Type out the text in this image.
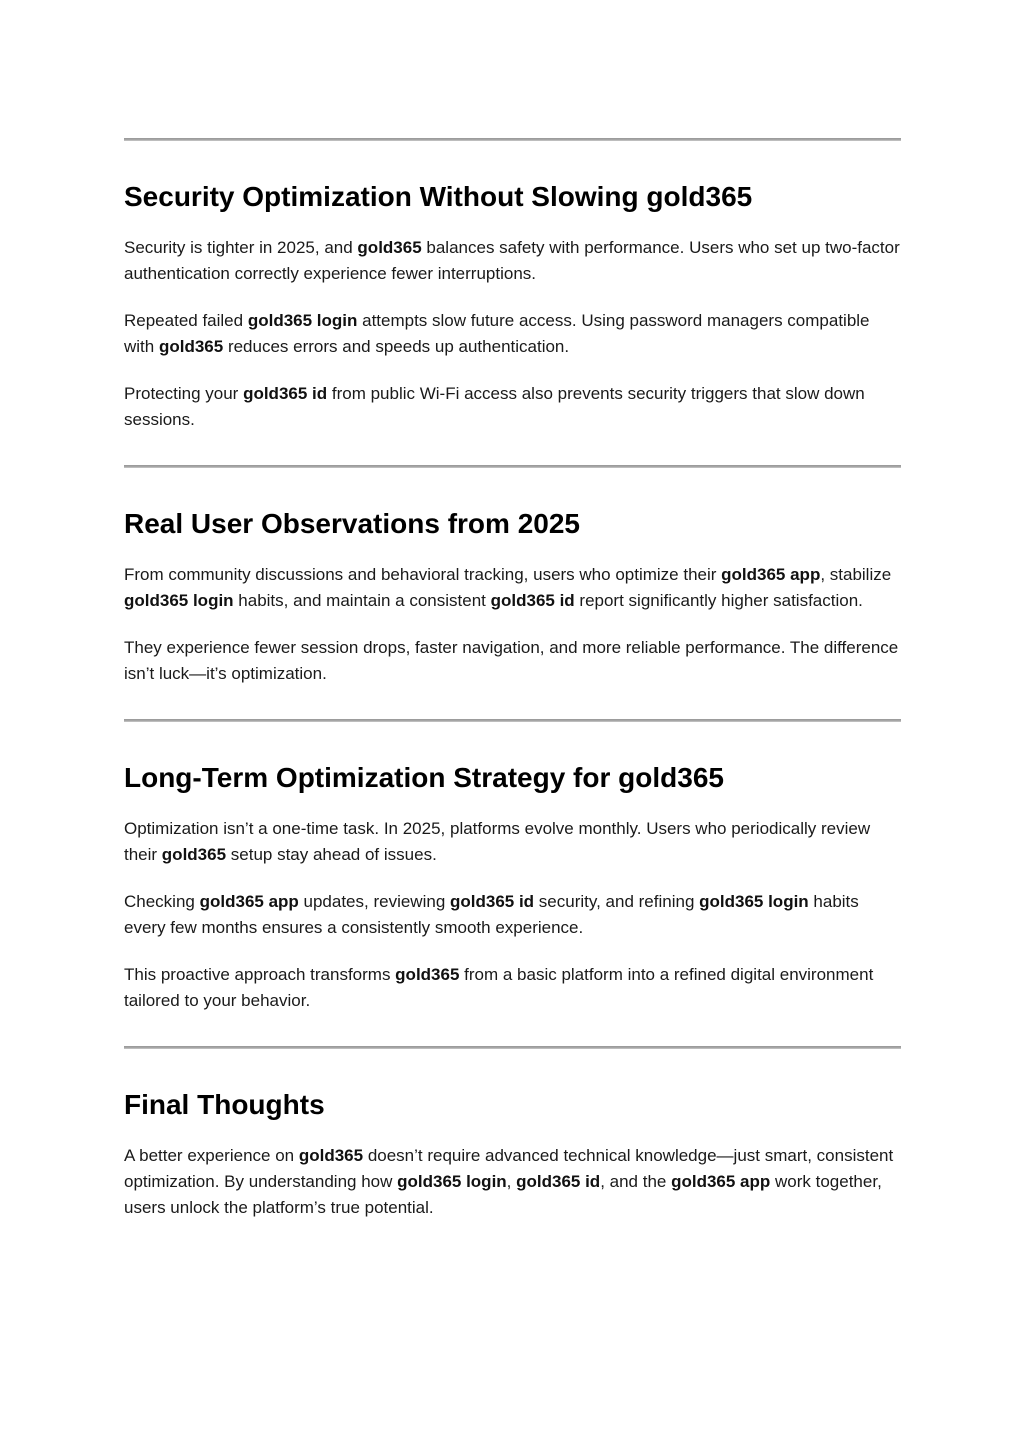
Security Optimization Without Slowing gold365

Security is tighter in 2025, and gold365 balances safety with performance. Users who set up two-factor authentication correctly experience fewer interruptions.

Repeated failed gold365 login attempts slow future access. Using password managers compatible with gold365 reduces errors and speeds up authentication.

Protecting your gold365 id from public Wi-Fi access also prevents security triggers that slow down sessions.

Real User Observations from 2025

From community discussions and behavioral tracking, users who optimize their gold365 app, stabilize gold365 login habits, and maintain a consistent gold365 id report significantly higher satisfaction.

They experience fewer session drops, faster navigation, and more reliable performance. The difference isn’t luck—it’s optimization.

Long-Term Optimization Strategy for gold365

Optimization isn’t a one-time task. In 2025, platforms evolve monthly. Users who periodically review their gold365 setup stay ahead of issues.

Checking gold365 app updates, reviewing gold365 id security, and refining gold365 login habits every few months ensures a consistently smooth experience.

This proactive approach transforms gold365 from a basic platform into a refined digital environment tailored to your behavior.

Final Thoughts

A better experience on gold365 doesn’t require advanced technical knowledge—just smart, consistent optimization. By understanding how gold365 login, gold365 id, and the gold365 app work together, users unlock the platform’s true potential.
